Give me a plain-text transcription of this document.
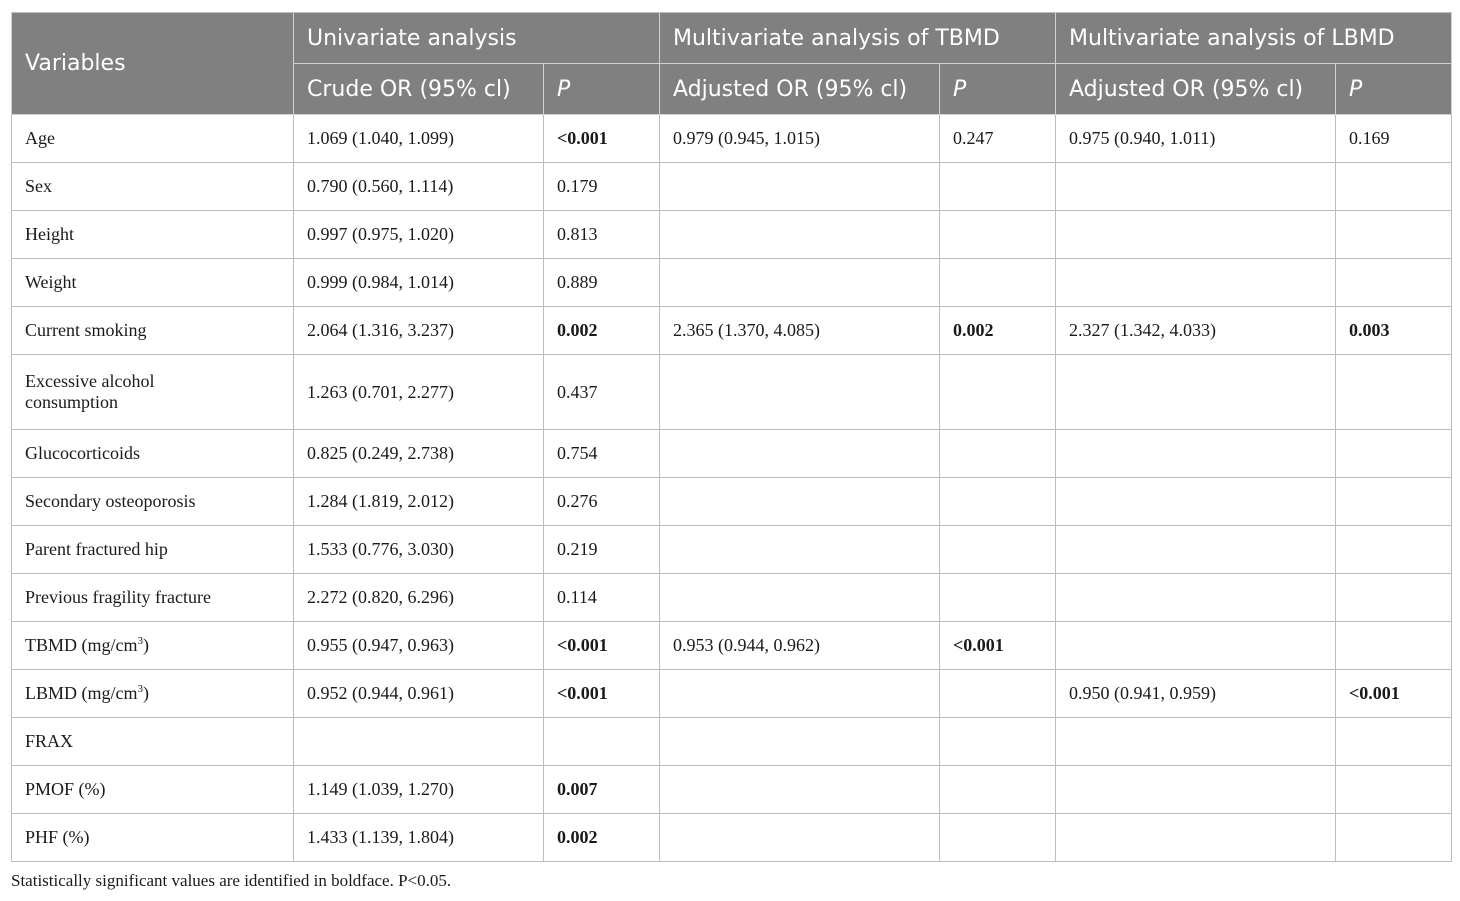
Variables	Univariate analysis		Multivariate analysis of TBMD		Multivariate analysis of LBMD	
	Crude OR (95% cl)	P	Adjusted OR (95% cl)	P	Adjusted OR (95% cl)	P
Age	1.069 (1.040, 1.099)	<0.001	0.979 (0.945, 1.015)	0.247	0.975 (0.940, 1.011)	0.169
Sex	0.790 (0.560, 1.114)	0.179				
Height	0.997 (0.975, 1.020)	0.813				
Weight	0.999 (0.984, 1.014)	0.889				
Current smoking	2.064 (1.316, 3.237)	0.002	2.365 (1.370, 4.085)	0.002	2.327 (1.342, 4.033)	0.003
Excessive alcohol
consumption	1.263 (0.701, 2.277)	0.437				
Glucocorticoids	0.825 (0.249, 2.738)	0.754				
Secondary osteoporosis	1.284 (1.819, 2.012)	0.276				
Parent fractured hip	1.533 (0.776, 3.030)	0.219				
Previous fragility fracture	2.272 (0.820, 6.296)	0.114				
TBMD $(mg/cm^3)$	0.955 (0.947, 0.963)	<0.001	0.953 (0.944, 0.962)	<0.001		
LBMD $(mg/cm^3)$	0.952 (0.944, 0.961)	<0.001			0.950 (0.941, 0.959)	<0.001
FRAX						
PMOF (%)	1.149 (1.039, 1.270)	0.007				
PHF (%)	1.433 (1.139, 1.804)	0.002				
Statistically significant values are identified in boldface. P<0.05.
